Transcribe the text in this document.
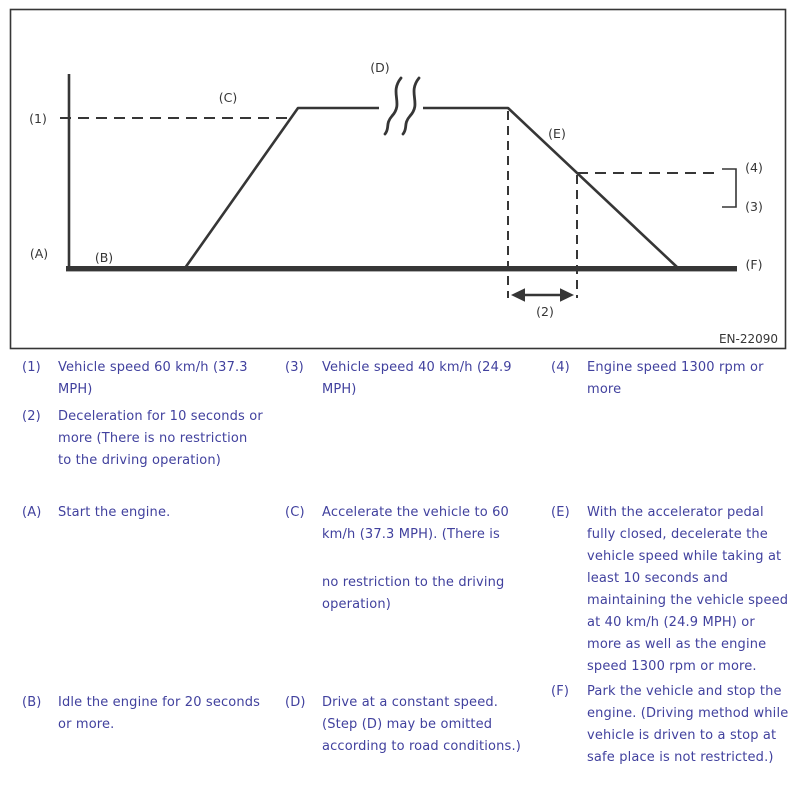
(1)
(C)
(D)
(E)
(4)
(3)
(A)	(B)	(F)
(2)
EN-22090
(1)	Vehicle speed 60 km/h (37.3
MPH)
(2)	Deceleration for 10 seconds or
more (There is no restriction
to the driving operation)
(3)	Vehicle speed 40 km/h (24.9
MPH)
(4)	Engine speed 1300 rpm or
more
(A)	Start the engine.	(C)	Accelerate the vehicle to 60
km/h (37.3 MPH). (There is
no restriction to the driving
operation)
(E)	With the accelerator pedal
fully closed, decelerate the
vehicle speed while taking at
least 10 seconds and
maintaining the vehicle speed
at 40 km/h (24.9 MPH) or
more as well as the engine
speed 1300 rpm or more.
(B)	Idle the engine for 20 seconds
or more.
(D)	Drive at a constant speed.
(Step (D) may be omitted
according to road conditions.)
(F)	Park the vehicle and stop the
engine. (Driving method while
vehicle is driven to a stop at
safe place is not restricted.)
